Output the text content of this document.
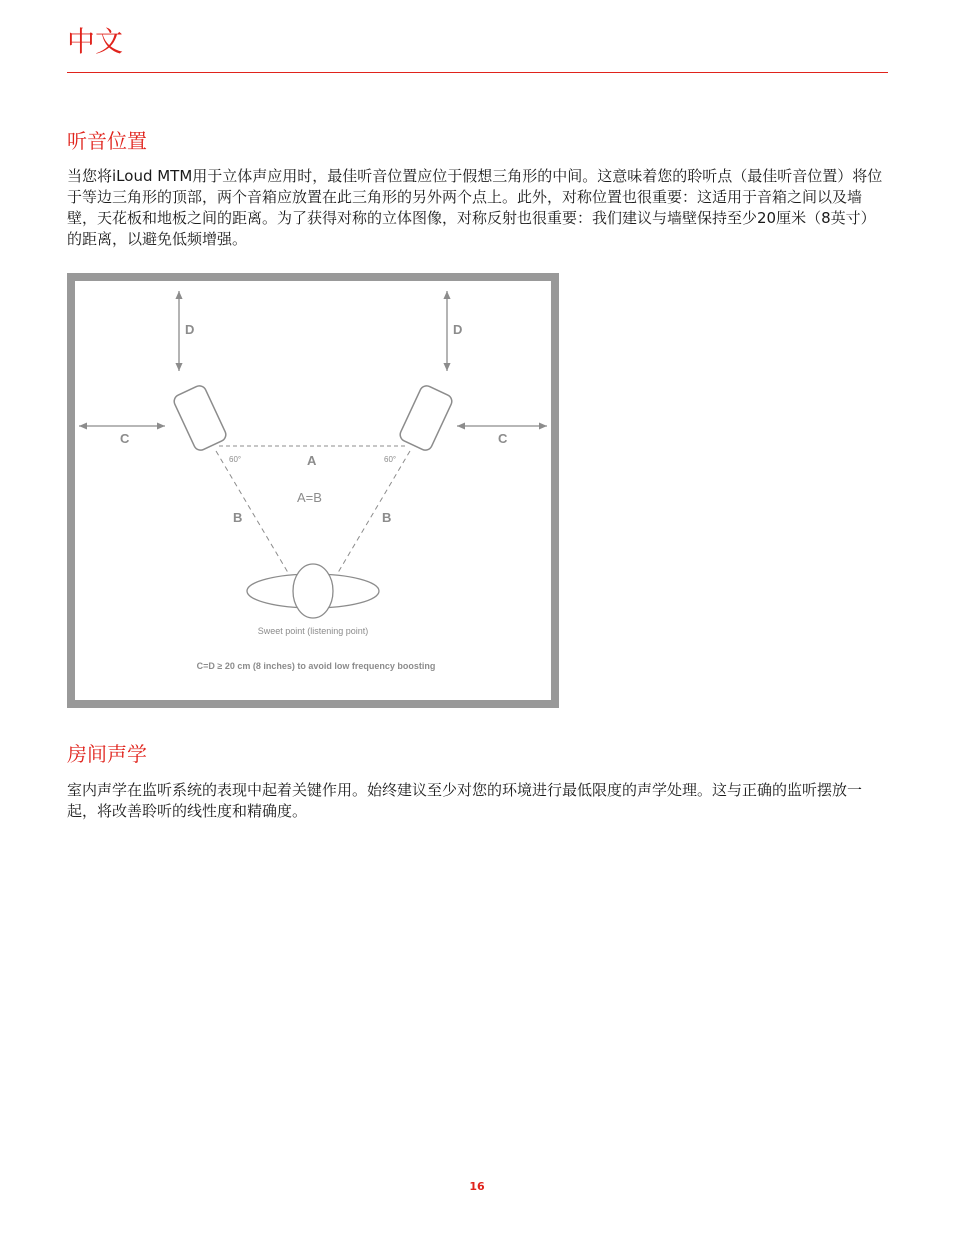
中文
听音位置

当您将iLoud MTM用于立体声应用时，最佳听音位置应位于假想三角形的中间。这意味着您的聆听点（最佳听音位置）将位于等边三角形的顶部，两个音箱应放置在此三角形的另外两个点上。此外，对称位置也很重要：这适用于音箱之间以及墙壁，天花板和地板之间的距离。为了获得对称的立体图像，对称反射也很重要：我们建议与墙壁保持至少20厘米（8英寸）的距离，以避免低频增强。

D	D
C	C
A
60°	60°
A=B
B	B
Sweet point (listening point)
C=D ≥ 20 cm (8 inches) to avoid low frequency boosting
房间声学

室内声学在监听系统的表现中起着关键作用。始终建议至少对您的环境进行最低限度的声学处理。这与正确的监听摆放一起，将改善聆听的线性度和精确度。

16
